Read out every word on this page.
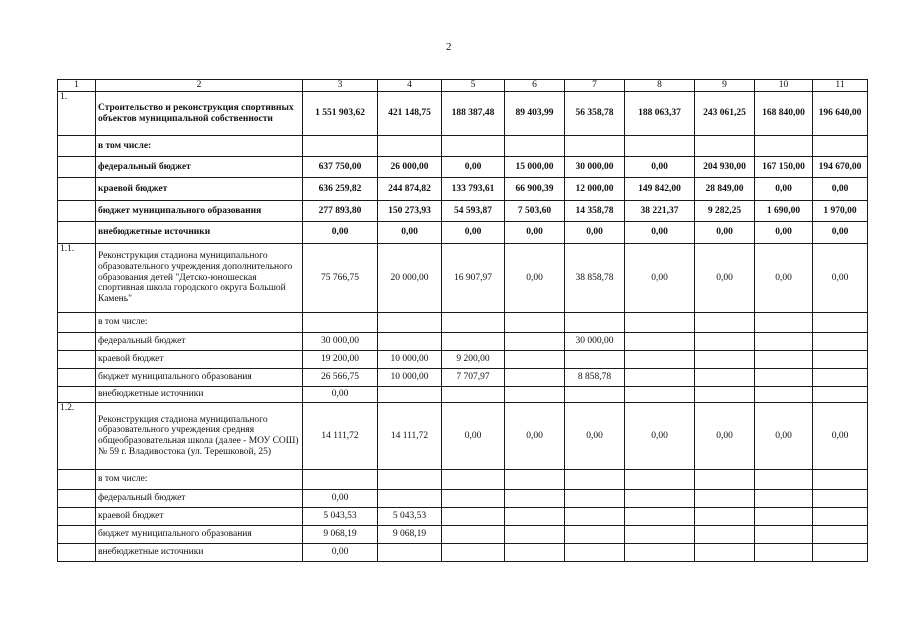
2
1	2	3	4	5	6	7	8	9	10	11
1.	Строительство и реконструкция спортивных объектов муниципальной собственности	1 551 903,62	421 148,75	188 387,48	89 403,99	56 358,78	188 063,37	243 061,25	168 840,00	196 640,00
	в том числе:									
	федеральный бюджет	637 750,00	26 000,00	0,00	15 000,00	30 000,00	0,00	204 930,00	167 150,00	194 670,00
	краевой бюджет	636 259,82	244 874,82	133 793,61	66 900,39	12 000,00	149 842,00	28 849,00	0,00	0,00
	бюджет муниципального образования	277 893,80	150 273,93	54 593,87	7 503,60	14 358,78	38 221,37	9 282,25	1 690,00	1 970,00
	внебюджетные источники	0,00	0,00	0,00	0,00	0,00	0,00	0,00	0,00	0,00
1.1.	Реконструкция стадиона муниципального образовательного учреждения дополнительного образования детей "Детско-юношеская спортивная школа городского округа Большой Камень"	75 766,75	20 000,00	16 907,97	0,00	38 858,78	0,00	0,00	0,00	0,00
	в том числе:									
	федеральный бюджет	30 000,00				30 000,00				
	краевой бюджет	19 200,00	10 000,00	9 200,00						
	бюджет муниципального образования	26 566,75	10 000,00	7 707,97		8 858,78				
	внебюджетные источники	0,00								
1.2.	Реконструкция стадиона муниципального образовательного учреждения средняя общеобразовательная школа (далее - МОУ СОШ) № 59 г. Владивостока (ул. Терешковой, 25)	14 111,72	14 111,72	0,00	0,00	0,00	0,00	0,00	0,00	0,00
	в том числе:									
	федеральный бюджет	0,00								
	краевой бюджет	5 043,53	5 043,53							
	бюджет муниципального образования	9 068,19	9 068,19							
	внебюджетные источники	0,00								
